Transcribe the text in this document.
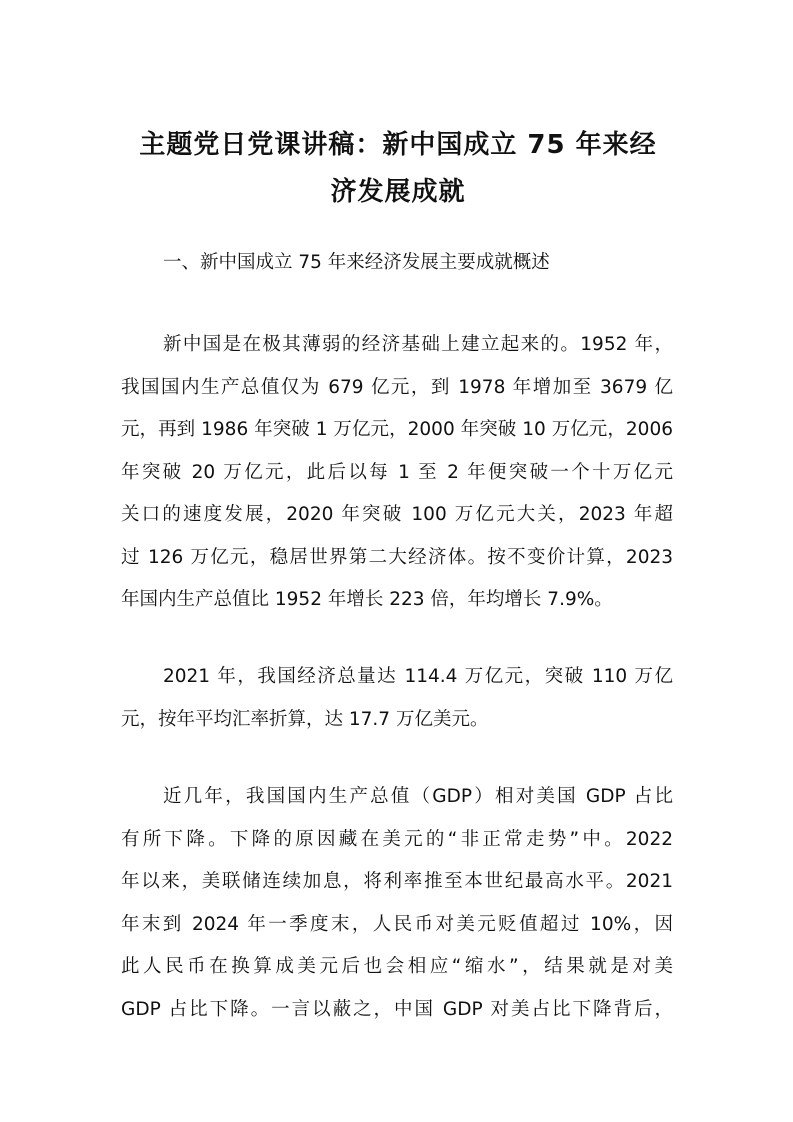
主题党日党课讲稿：新中国成立 75 年来经
济发展成就
一、新中国成立 75 年来经济发展主要成就概述
新中国是在极其薄弱的经济基础上建立起来的。1952 年，
我国国内生产总值仅为 679 亿元，到 1978 年增加至 3679 亿
元，再到 1986 年突破 1 万亿元，2000 年突破 10 万亿元，2006
年突破 20 万亿元，此后以每 1 至 2 年便突破一个十万亿元
关口的速度发展，2020 年突破 100 万亿元大关，2023 年超
过 126 万亿元，稳居世界第二大经济体。按不变价计算，2023
年国内生产总值比 1952 年增长 223 倍，年均增长 7.9%。
2021 年，我国经济总量达 114.4 万亿元，突破 110 万亿
元，按年平均汇率折算，达 17.7 万亿美元。
近几年，我国国内生产总值（GDP）相对美国 GDP 占比
有所下降。下降的原因藏在美元的“非正常走势”中。2022
年以来，美联储连续加息，将利率推至本世纪最高水平。2021
年末到 2024 年一季度末，人民币对美元贬值超过 10%，因
此人民币在换算成美元后也会相应“缩水”，结果就是对美
GDP 占比下降。一言以蔽之，中国 GDP 对美占比下降背后，
